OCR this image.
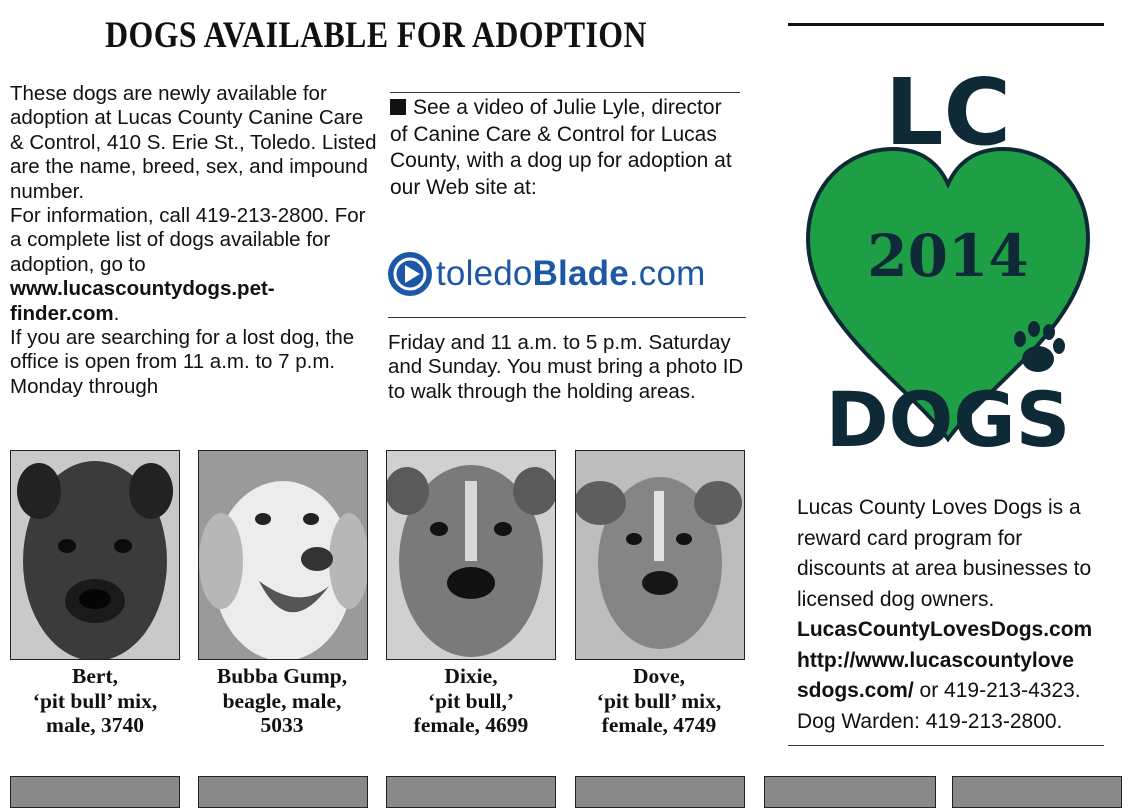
DOGS AVAILABLE FOR ADOPTION

These dogs are newly available for adoption at Lucas County Canine Care & Control, 410 S. Erie St., Toledo. Listed are the name, breed, sex, and impound number.

For information, call 419-213-2800. For a complete list of dogs available for adoption, go to www.lucascountydogs.pet-finder.com.

If you are searching for a lost dog, the office is open from 11 a.m. to 7 p.m. Monday through

See a video of Julie Lyle, director of Canine Care & Control for Lucas County, with a dog up for adoption at our Web site at:
toledoBlade.com
Friday and 11 a.m. to 5 p.m. Saturday and Sunday. You must bring a photo ID to walk through the holding areas.
Bert,
‘pit bull’ mix,
male, 3740
Bubba Gump,
beagle, male,
5033
Dixie,
‘pit bull,’
female, 4699
Dove,
‘pit bull’ mix,
female, 4749
LC
2014
DOGS

Lucas County Loves Dogs is a reward card program for discounts at area businesses to licensed dog owners.

LucasCountyLovesDogs.com

http://www.lucascountylove

sdogs.com/ or 419-213-4323.

Dog Warden: 419-213-2800.
